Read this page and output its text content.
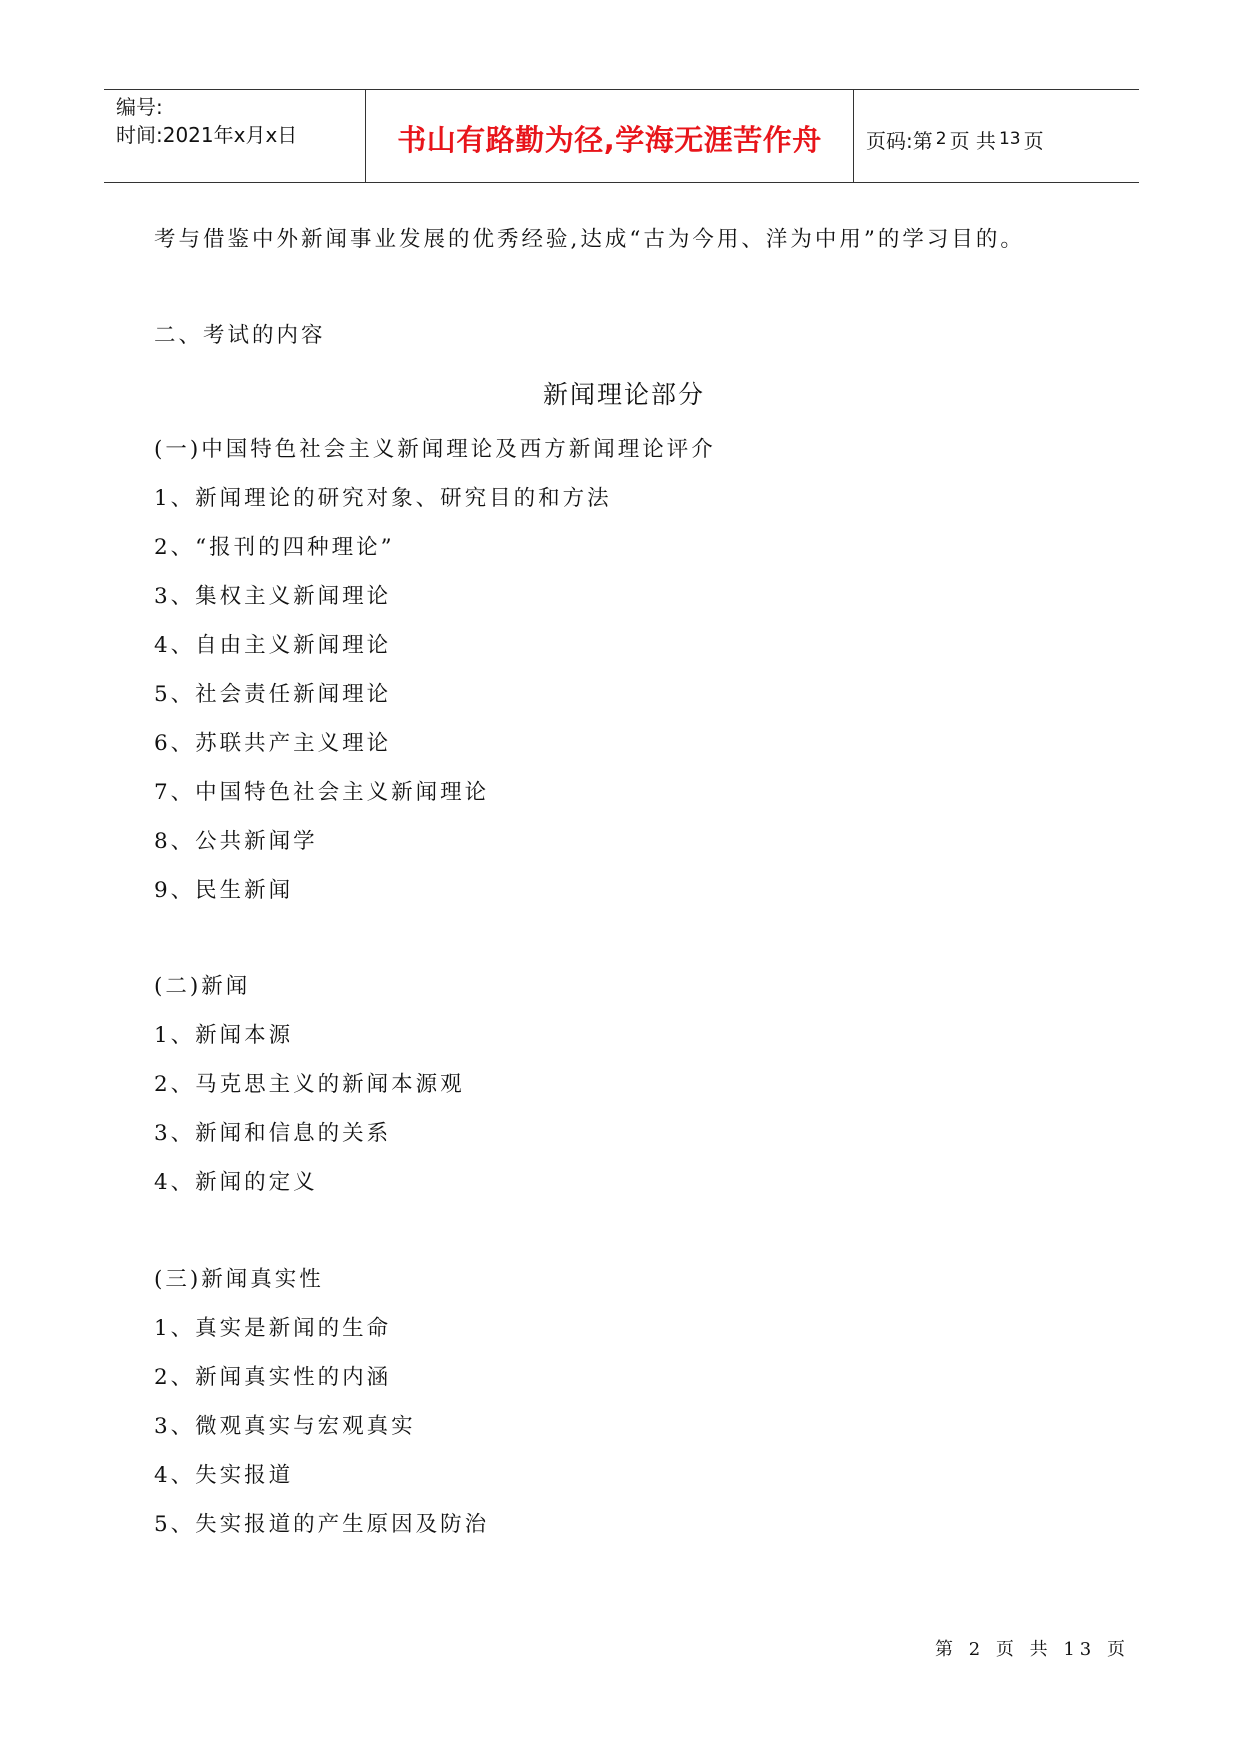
编号:
时间:2021年x月x日	书山有路勤为径,学海无涯苦作舟	页码:第 2 页 共 13 页
考与借鉴中外新闻事业发展的优秀经验,达成“古为今用、洋为中用”的学习目的。
二、考试的内容
新闻理论部分
(一)中国特色社会主义新闻理论及西方新闻理论评介
1、新闻理论的研究对象、研究目的和方法
2、“报刊的四种理论”
3、集权主义新闻理论
4、自由主义新闻理论
5、社会责任新闻理论
6、苏联共产主义理论
7、中国特色社会主义新闻理论
8、公共新闻学
9、民生新闻
(二)新闻
1、新闻本源
2、马克思主义的新闻本源观
3、新闻和信息的关系
4、新闻的定义
(三)新闻真实性
1、真实是新闻的生命
2、新闻真实性的内涵
3、微观真实与宏观真实
4、失实报道
5、失实报道的产生原因及防治
第 2 页 共 13 页
